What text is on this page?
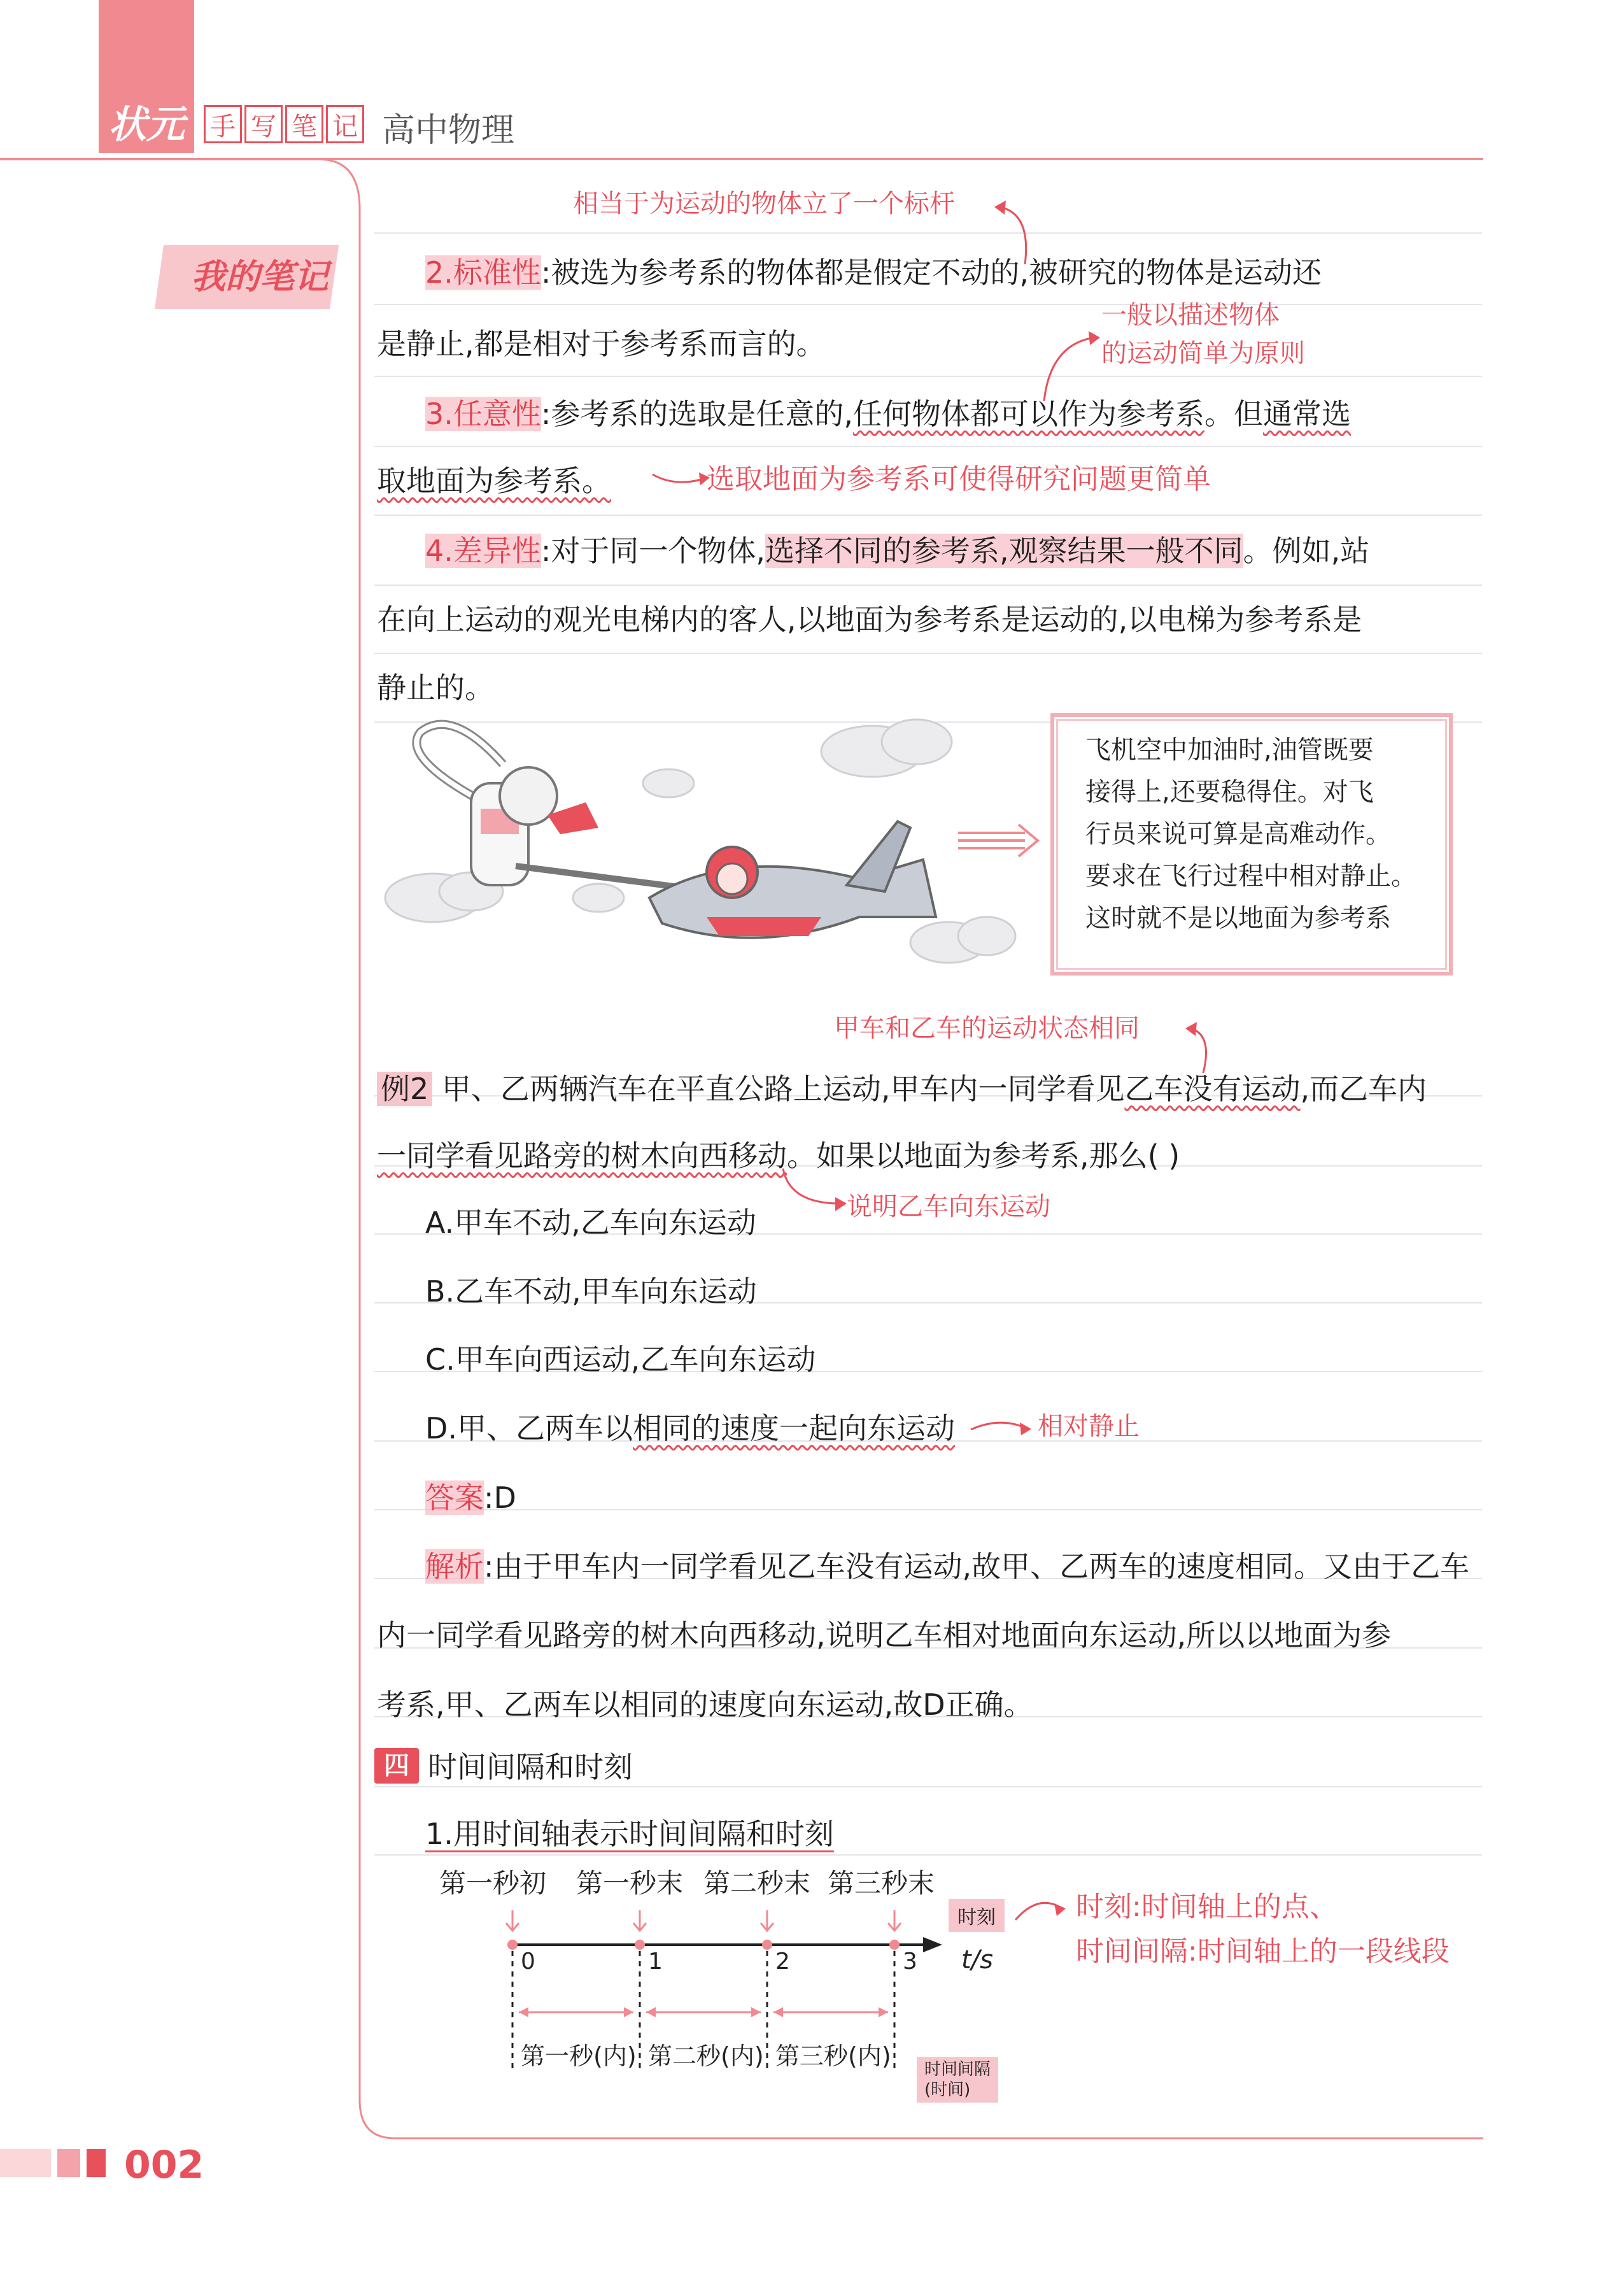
状元 手 写 笔 记 高中物理
我的笔记
相当于为运动的物体立了一个标杆
2.标准性:被选为参考系的物体都是假定不动的,被研究的物体是运动还
是静止,都是相对于参考系而言的。
一般以描述物体
的运动简单为原则
3.任意性:参考系的选取是任意的,任何物体都可以作为参考系。但通常选
取地面为参考系。	选取地面为参考系可使得研究问题更简单
4.差异性:对于同一个物体,选择不同的参考系,观察结果一般不同。例如,站
在向上运动的观光电梯内的客人,以地面为参考系是运动的,以电梯为参考系是
静止的。
飞机空中加油时,油管既要
接得上,还要稳得住。对飞
行员来说可算是高难动作。
要求在飞行过程中相对静止。
这时就不是以地面为参考系
甲车和乙车的运动状态相同
例2 甲、乙两辆汽车在平直公路上运动,甲车内一同学看见乙车没有运动,而乙车内
一同学看见路旁的树木向西移动。如果以地面为参考系,那么( )
说明乙车向东运动
A.甲车不动,乙车向东运动
B.乙车不动,甲车向东运动
C.甲车向西运动,乙车向东运动
D.甲、乙两车以相同的速度一起向东运动	相对静止
答案:D
解析:由于甲车内一同学看见乙车没有运动,故甲、乙两车的速度相同。又由于乙车
内一同学看见路旁的树木向西移动,说明乙车相对地面向东运动,所以以地面为参
考系,甲、乙两车以相同的速度向东运动,故D正确。
四 时间间隔和时刻
1.用时间轴表示时间间隔和时刻
第一秒初 第一秒末 第二秒末 第三秒末
时刻
0	1	2	3 t/s
第一秒(内) 第二秒(内) 第三秒(内) 时间间隔
(时间)
时刻:时间轴上的点、
时间间隔:时间轴上的一段线段
002
